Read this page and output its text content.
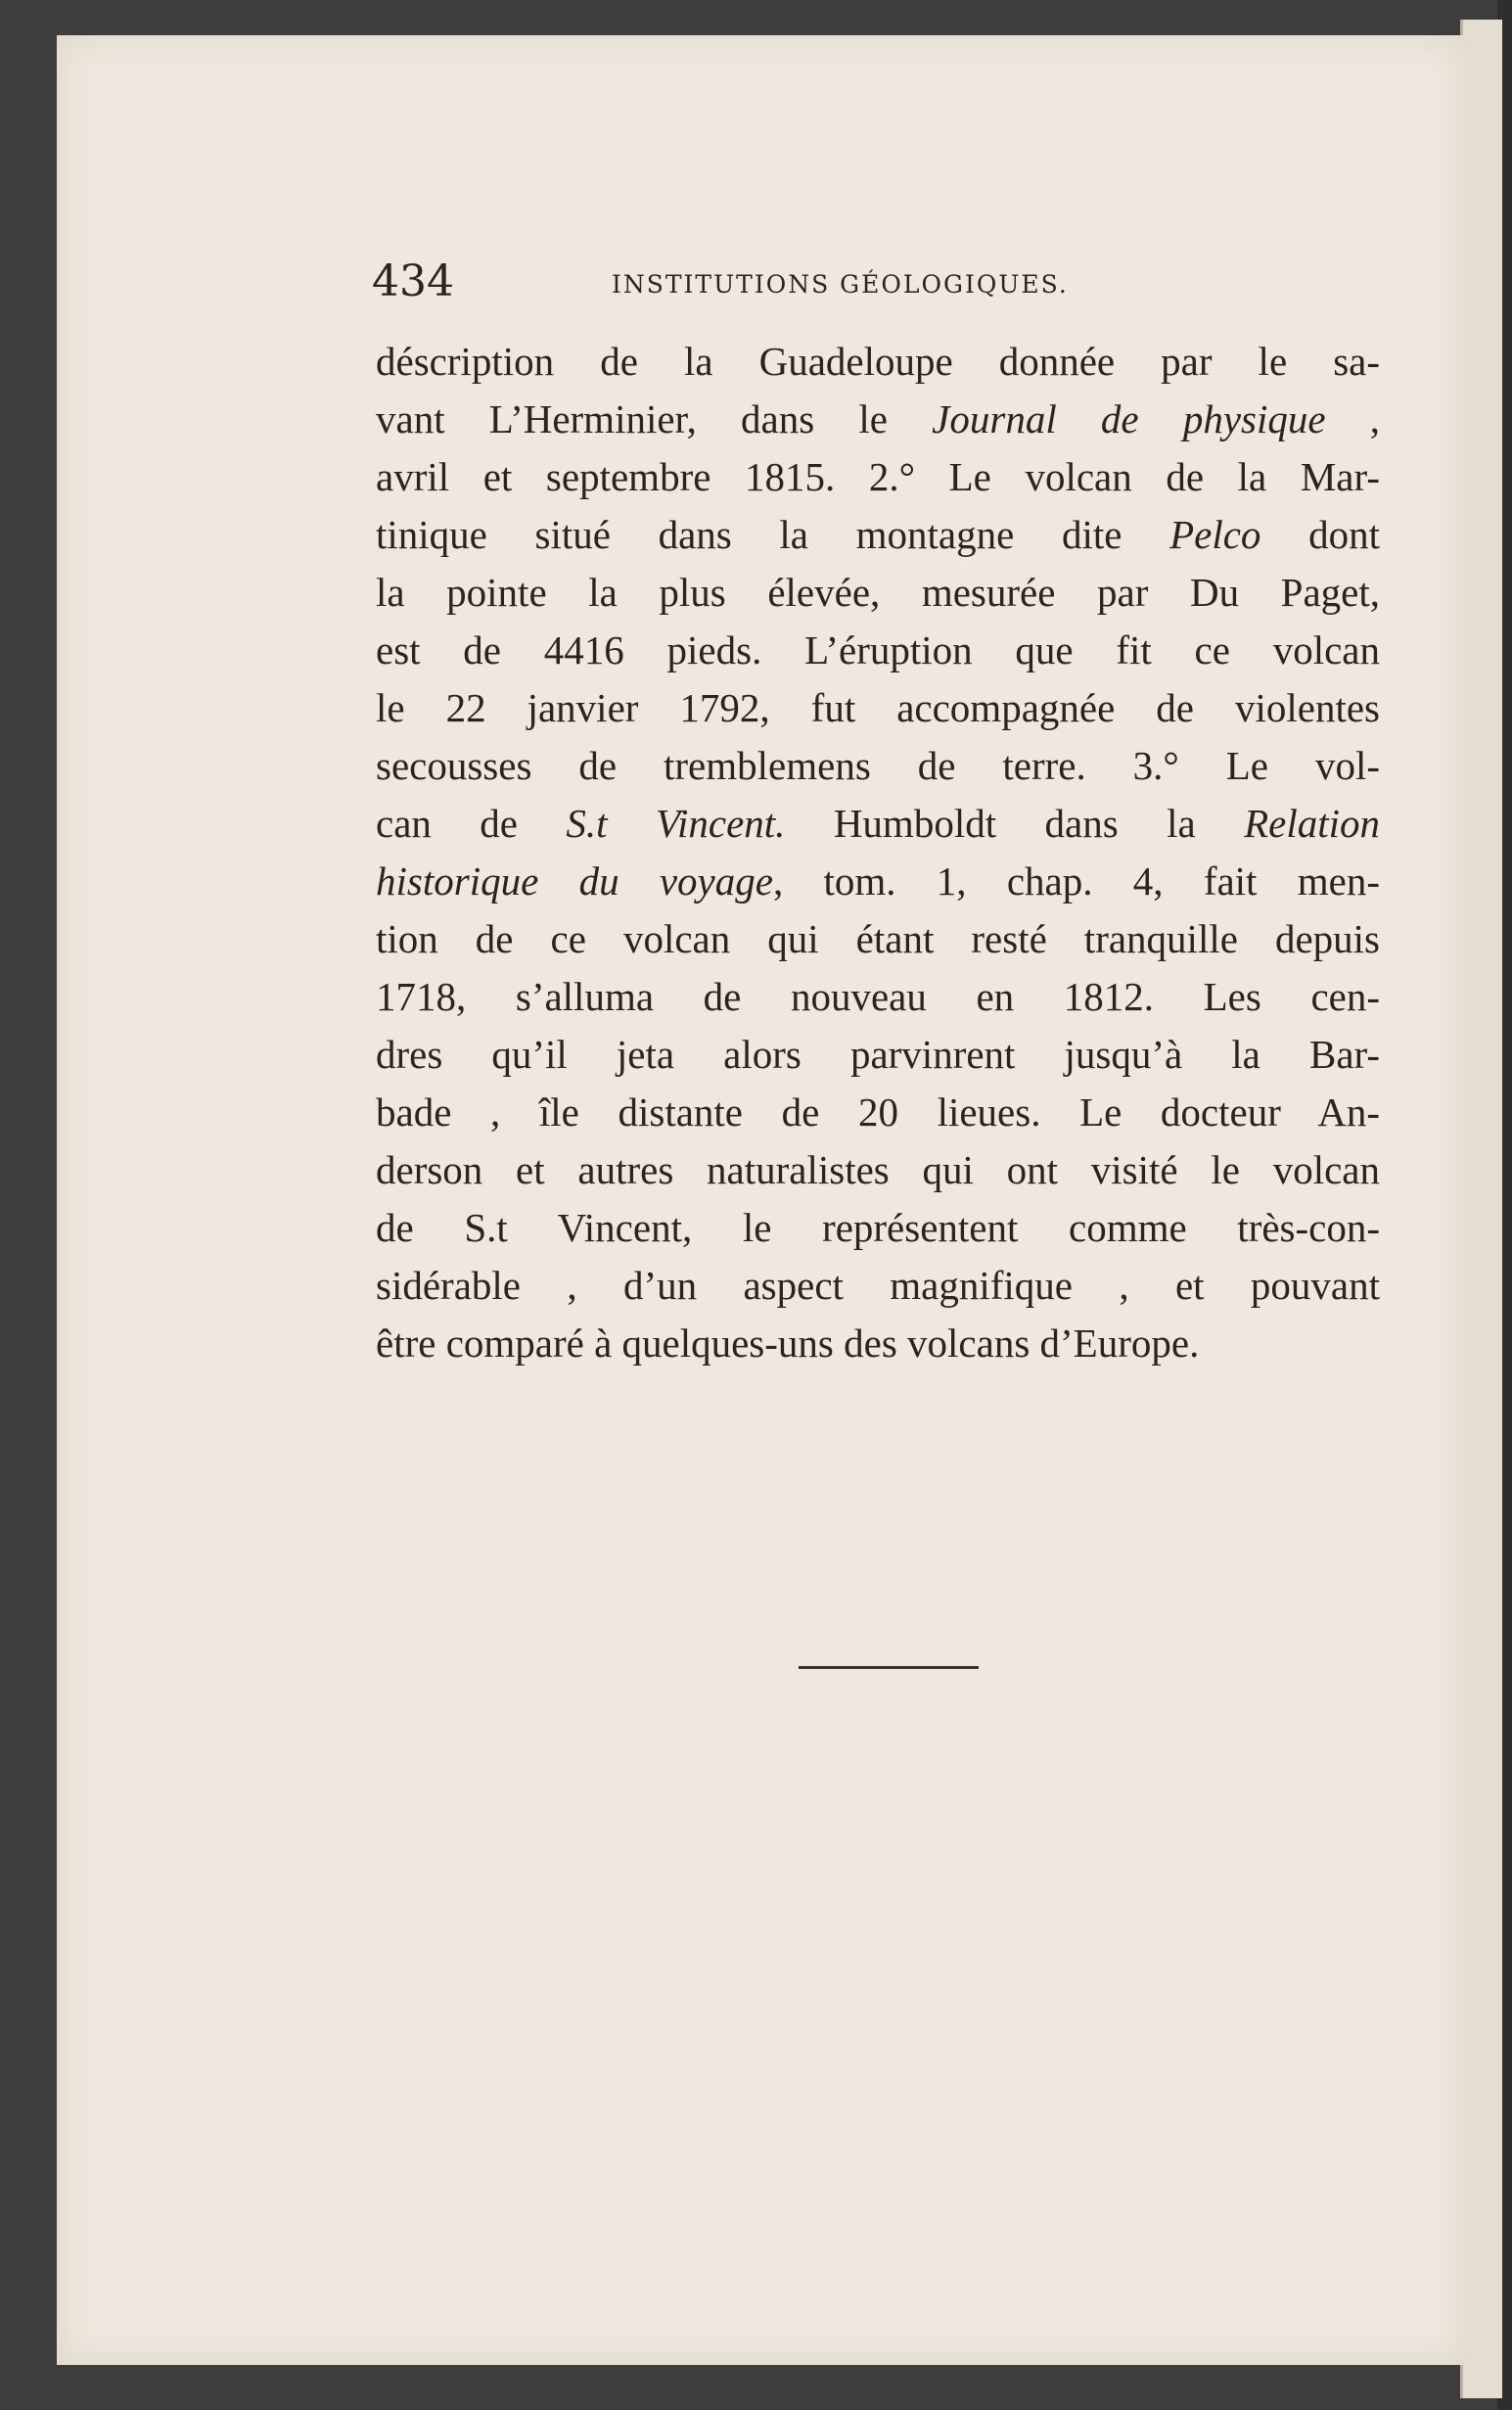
434	INSTITUTIONS GÉOLOGIQUES.
déscription de la Guadeloupe donnée par le sa-
vant L’Herminier, dans le Journal de physique ,
avril et septembre 1815. 2.° Le volcan de la Mar-
tinique situé dans la montagne dite Pelco dont
la pointe la plus élevée, mesurée par Du Paget,
est de 4416 pieds. L’éruption que fit ce volcan
le 22 janvier 1792, fut accompagnée de violentes
secousses de tremblemens de terre. 3.° Le vol-
can de S.t Vincent. Humboldt dans la Relation
historique du voyage, tom. 1, chap. 4, fait men-
tion de ce volcan qui étant resté tranquille depuis
1718, s’alluma de nouveau en 1812. Les cen-
dres qu’il jeta alors parvinrent jusqu’à la Bar-
bade , île distante de 20 lieues. Le docteur An-
derson et autres naturalistes qui ont visité le volcan
de S.t Vincent, le représentent comme très-con-
sidérable , d’un aspect magnifique , et pouvant
être comparé à quelques-uns des volcans d’Europe.
